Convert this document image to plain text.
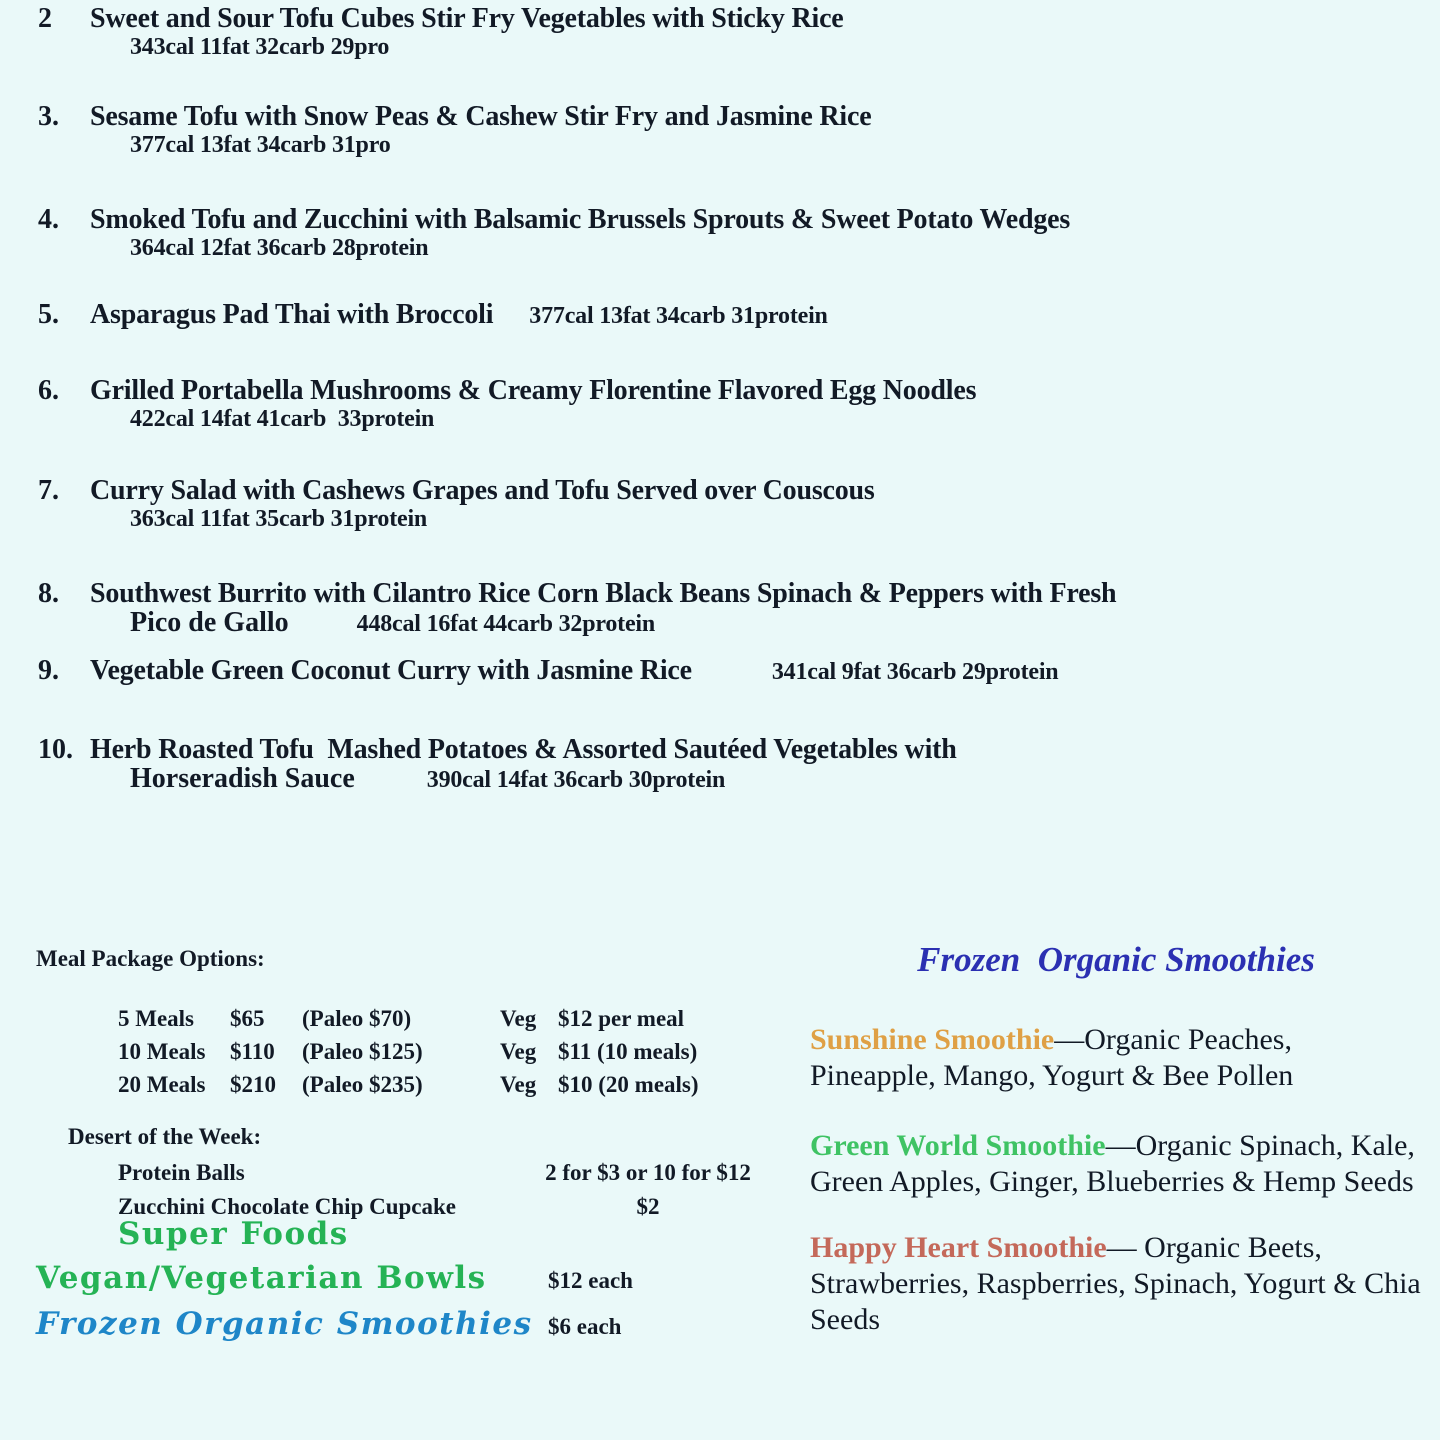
2 Sweet and Sour Tofu Cubes Stir Fry Vegetables with Sticky Rice
343cal 11fat 32carb 29pro
3. Sesame Tofu with Snow Peas & Cashew Stir Fry and Jasmine Rice
377cal 13fat 34carb 31pro
4. Smoked Tofu and Zucchini with Balsamic Brussels Sprouts & Sweet Potato Wedges
364cal 12fat 36carb 28protein
5. Asparagus Pad Thai with Broccoli 377cal 13fat 34carb 31protein
6. Grilled Portabella Mushrooms & Creamy Florentine Flavored Egg Noodles
422cal 14fat 41carb  33protein
7. Curry Salad with Cashews Grapes and Tofu Served over Couscous
363cal 11fat 35carb 31protein
8. Southwest Burrito with Cilantro Rice Corn Black Beans Spinach & Peppers with Fresh
Pico de Gallo	448cal 16fat 44carb 32protein
9. Vegetable Green Coconut Curry with Jasmine Rice	341cal 9fat 36carb 29protein
10. Herb Roasted Tofu  Mashed Potatoes & Assorted Sautéed Vegetables with
Horseradish Sauce	390cal 14fat 36carb 30protein
Meal Package Options:
5 Meals	$65	(Paleo $70)	Veg $12 per meal
10 Meals	$110	(Paleo $125)	Veg $11 (10 meals)
20 Meals	$210	(Paleo $235)	Veg $10 (20 meals)
Desert of the Week:
Protein Balls	2 for $3 or 10 for $12
Zucchini Chocolate Chip Cupcake	$2
Super Foods
Vegan/Vegetarian Bowls	$12 each
Frozen Organic Smoothies $6 each

Frozen  Organic Smoothies

Sunshine Smoothie—Organic Peaches, Pineapple, Mango, Yogurt & Bee Pollen

Green World Smoothie—Organic Spinach, Kale, Green Apples, Ginger, Blueberries & Hemp Seeds

Happy Heart Smoothie— Organic Beets, Strawberries, Raspberries, Spinach, Yogurt & Chia Seeds
